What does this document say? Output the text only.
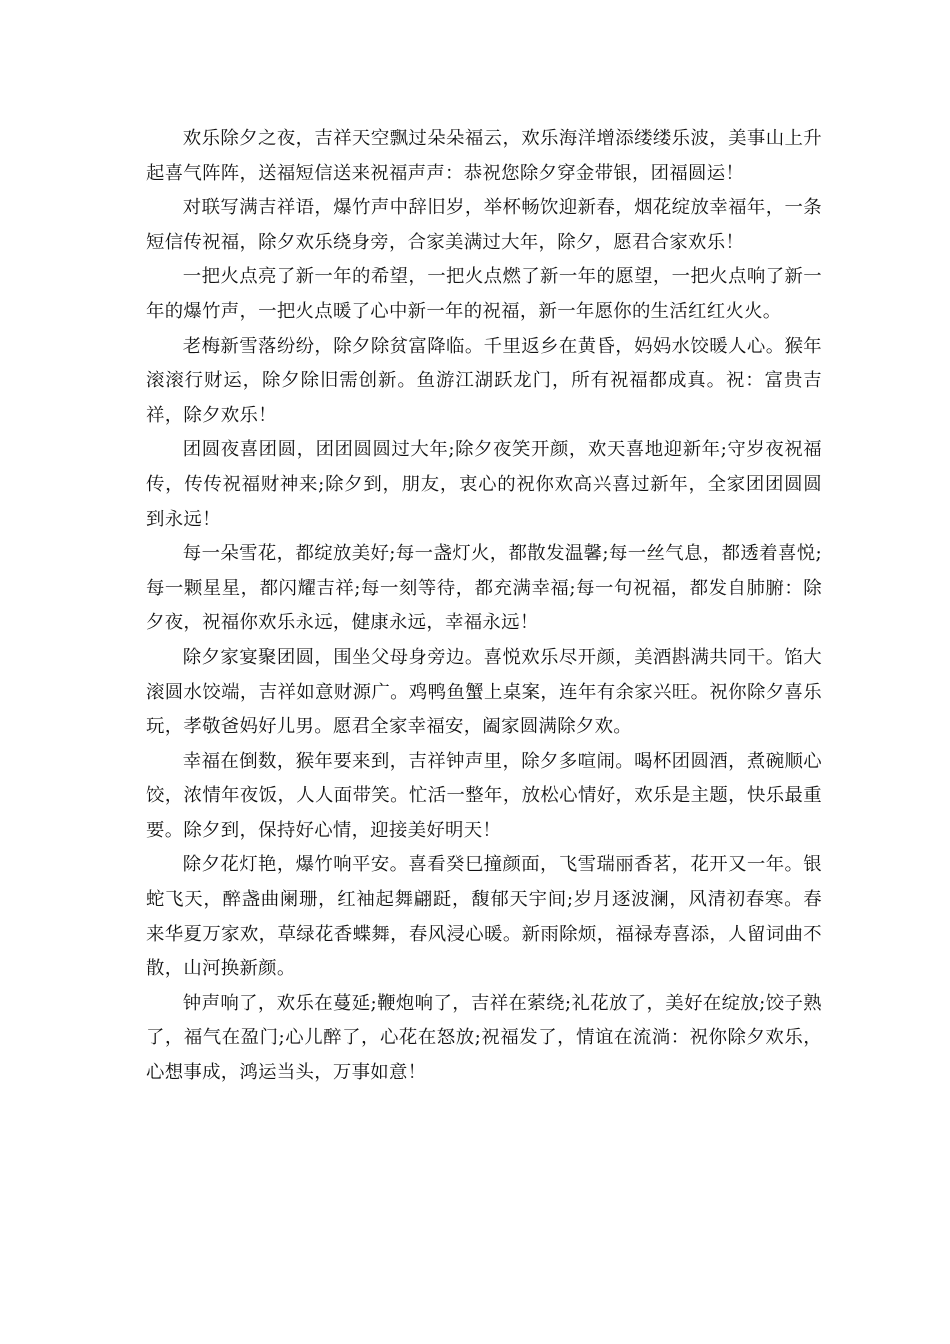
欢乐除夕之夜，吉祥天空飘过朵朵福云，欢乐海洋增添缕缕乐波，美事山上升起喜气阵阵，送福短信送来祝福声声：恭祝您除夕穿金带银，团福圆运！

对联写满吉祥语，爆竹声中辞旧岁，举杯畅饮迎新春，烟花绽放幸福年，一条短信传祝福，除夕欢乐绕身旁，合家美满过大年，除夕，愿君合家欢乐！

一把火点亮了新一年的希望，一把火点燃了新一年的愿望，一把火点响了新一年的爆竹声，一把火点暖了心中新一年的祝福，新一年愿你的生活红红火火。

老梅新雪落纷纷，除夕除贫富降临。千里返乡在黄昏，妈妈水饺暖人心。猴年滚滚行财运，除夕除旧需创新。鱼游江湖跃龙门，所有祝福都成真。祝：富贵吉祥，除夕欢乐！

团圆夜喜团圆，团团圆圆过大年;除夕夜笑开颜，欢天喜地迎新年;守岁夜祝福传，传传祝福财神来;除夕到，朋友，衷心的祝你欢高兴喜过新年，全家团团圆圆到永远！

每一朵雪花，都绽放美好;每一盏灯火，都散发温馨;每一丝气息，都透着喜悦;每一颗星星，都闪耀吉祥;每一刻等待，都充满幸福;每一句祝福，都发自肺腑：除夕夜，祝福你欢乐永远，健康永远，幸福永远！

除夕家宴聚团圆，围坐父母身旁边。喜悦欢乐尽开颜，美酒斟满共同干。馅大滚圆水饺端，吉祥如意财源广。鸡鸭鱼蟹上桌案，连年有余家兴旺。祝你除夕喜乐玩，孝敬爸妈好儿男。愿君全家幸福安，阖家圆满除夕欢。

幸福在倒数，猴年要来到，吉祥钟声里，除夕多喧闹。喝杯团圆酒，煮碗顺心饺，浓情年夜饭，人人面带笑。忙活一整年，放松心情好，欢乐是主题，快乐最重要。除夕到，保持好心情，迎接美好明天！

除夕花灯艳，爆竹响平安。喜看癸巳撞颜面，飞雪瑞丽香茗，花开又一年。银蛇飞天，醉盏曲阑珊，红袖起舞翩跹，馥郁天宇间;岁月逐波澜，风清初春寒。春来华夏万家欢，草绿花香蝶舞，春风浸心暖。新雨除烦，福禄寿喜添，人留词曲不散，山河换新颜。

钟声响了，欢乐在蔓延;鞭炮响了，吉祥在萦绕;礼花放了，美好在绽放;饺子熟了，福气在盈门;心儿醉了，心花在怒放;祝福发了，情谊在流淌：祝你除夕欢乐，心想事成，鸿运当头，万事如意！
